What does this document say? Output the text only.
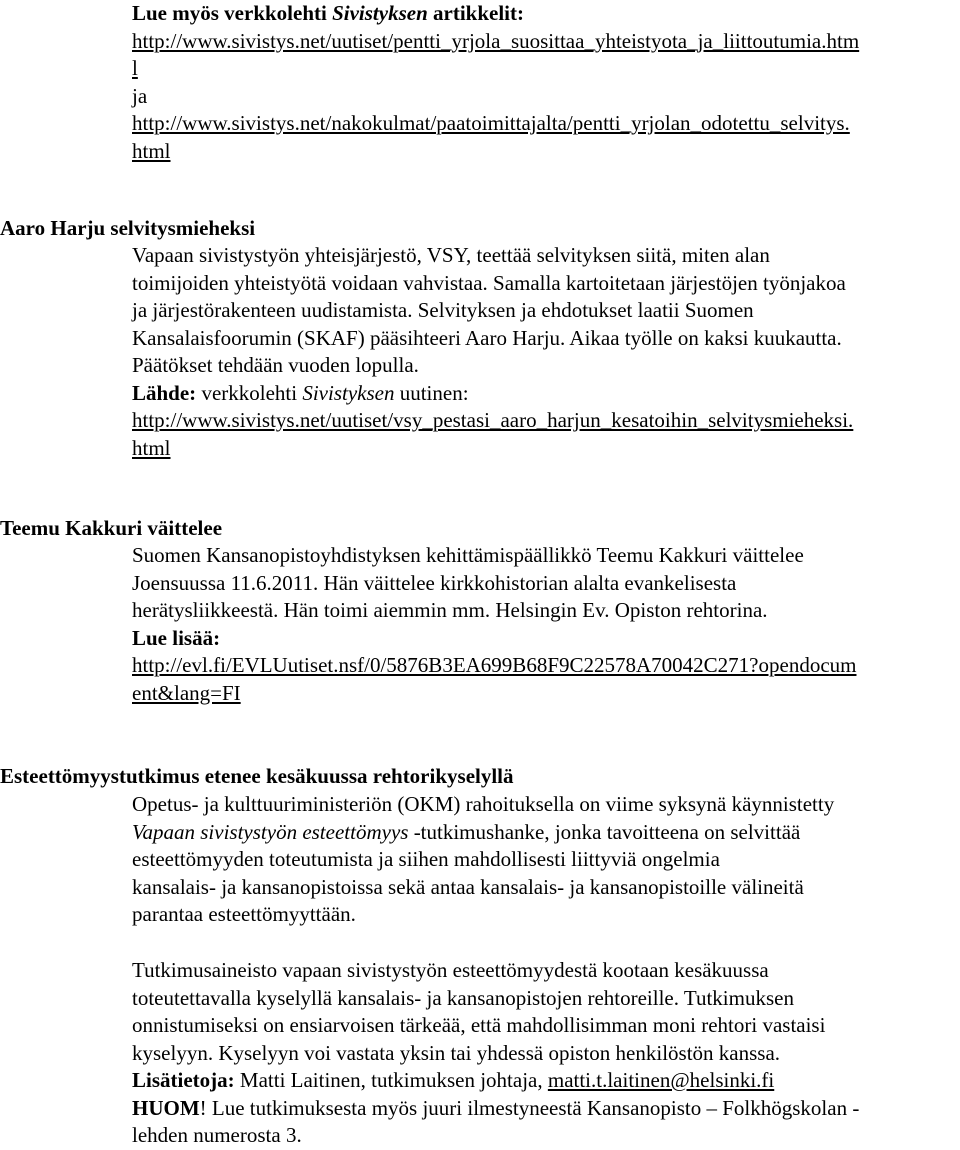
Lue myös verkkolehti Sivistyksen artikkelit:
http://www.sivistys.net/uutiset/pentti_yrjola_suosittaa_yhteistyota_ja_liittoutumia.htm
l
ja
http://www.sivistys.net/nakokulmat/paatoimittajalta/pentti_yrjolan_odotettu_selvitys.
html
Aaro Harju selvitysmieheksi
Vapaan sivistystyön yhteisjärjestö, VSY, teettää selvityksen siitä, miten alan
toimijoiden yhteistyötä voidaan vahvistaa. Samalla kartoitetaan järjestöjen työnjakoa
ja järjestörakenteen uudistamista. Selvityksen ja ehdotukset laatii Suomen
Kansalaisfoorumin (SKAF) pääsihteeri Aaro Harju. Aikaa työlle on kaksi kuukautta.
Päätökset tehdään vuoden lopulla.
Lähde: verkkolehti Sivistyksen uutinen:
http://www.sivistys.net/uutiset/vsy_pestasi_aaro_harjun_kesatoihin_selvitysmieheksi.
html
Teemu Kakkuri väittelee
Suomen Kansanopistoyhdistyksen kehittämispäällikkö Teemu Kakkuri väittelee
Joensuussa 11.6.2011. Hän väittelee kirkkohistorian alalta evankelisesta
herätysliikkeestä. Hän toimi aiemmin mm. Helsingin Ev. Opiston rehtorina.
Lue lisää:
http://evl.fi/EVLUutiset.nsf/0/5876B3EA699B68F9C22578A70042C271?opendocum
ent&lang=FI
Esteettömyystutkimus etenee kesäkuussa rehtorikyselyllä
Opetus- ja kulttuuriministeriön (OKM) rahoituksella on viime syksynä käynnistetty
Vapaan sivistystyön esteettömyys -tutkimushanke, jonka tavoitteena on selvittää
esteettömyyden toteutumista ja siihen mahdollisesti liittyviä ongelmia
kansalais- ja kansanopistoissa sekä antaa kansalais- ja kansanopistoille välineitä
parantaa esteettömyyttään.
Tutkimusaineisto vapaan sivistystyön esteettömyydestä kootaan kesäkuussa
toteutettavalla kyselyllä kansalais- ja kansanopistojen rehtoreille. Tutkimuksen
onnistumiseksi on ensiarvoisen tärkeää, että mahdollisimman moni rehtori vastaisi
kyselyyn. Kyselyyn voi vastata yksin tai yhdessä opiston henkilöstön kanssa.
Lisätietoja: Matti Laitinen, tutkimuksen johtaja, matti.t.laitinen@helsinki.fi
HUOM! Lue tutkimuksesta myös juuri ilmestyneestä Kansanopisto – Folkhögskolan -
lehden numerosta 3.
